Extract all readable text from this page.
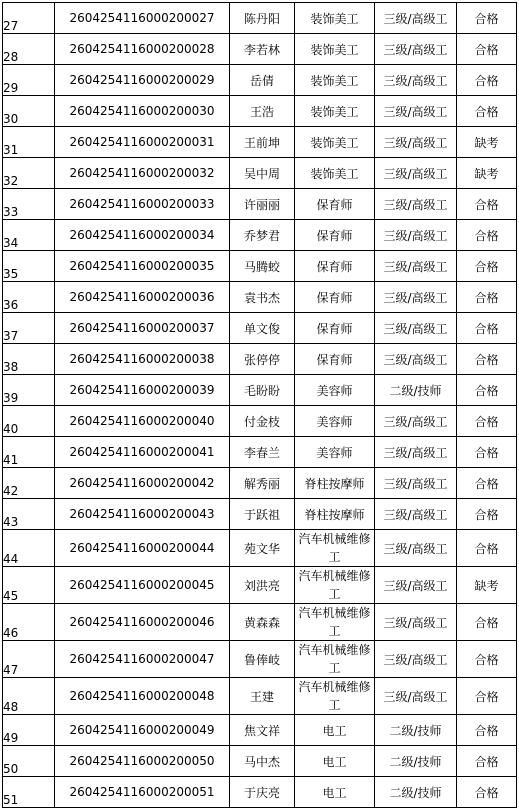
27	2604254116000200027	陈丹阳	装饰美工	三级/高级工	合格
28	2604254116000200028	李若林	装饰美工	三级/高级工	合格
29	2604254116000200029	岳倩	装饰美工	三级/高级工	合格
30	2604254116000200030	王浩	装饰美工	三级/高级工	合格
31	2604254116000200031	王前坤	装饰美工	三级/高级工	缺考
32	2604254116000200032	吴中周	装饰美工	三级/高级工	缺考
33	2604254116000200033	许丽丽	保育师	三级/高级工	合格
34	2604254116000200034	乔梦君	保育师	三级/高级工	合格
35	2604254116000200035	马腾蛟	保育师	三级/高级工	合格
36	2604254116000200036	袁书杰	保育师	三级/高级工	合格
37	2604254116000200037	单文俊	保育师	三级/高级工	合格
38	2604254116000200038	张停停	保育师	三级/高级工	合格
39	2604254116000200039	毛盼盼	美容师	二级/技师	合格
40	2604254116000200040	付金枝	美容师	三级/高级工	合格
41	2604254116000200041	李春兰	美容师	三级/高级工	合格
42	2604254116000200042	解秀丽	脊柱按摩师	三级/高级工	合格
43	2604254116000200043	于跃祖	脊柱按摩师	三级/高级工	合格
44	2604254116000200044	苑文华	汽车机械维修工	三级/高级工	合格
45	2604254116000200045	刘洪亮	汽车机械维修工	三级/高级工	缺考
46	2604254116000200046	黄森森	汽车机械维修工	三级/高级工	合格
47	2604254116000200047	鲁俸岐	汽车机械维修工	三级/高级工	合格
48	2604254116000200048	王建	汽车机械维修工	三级/高级工	合格
49	2604254116000200049	焦文祥	电工	二级/技师	合格
50	2604254116000200050	马中杰	电工	二级/技师	合格
51	2604254116000200051	于庆亮	电工	二级/技师	合格
